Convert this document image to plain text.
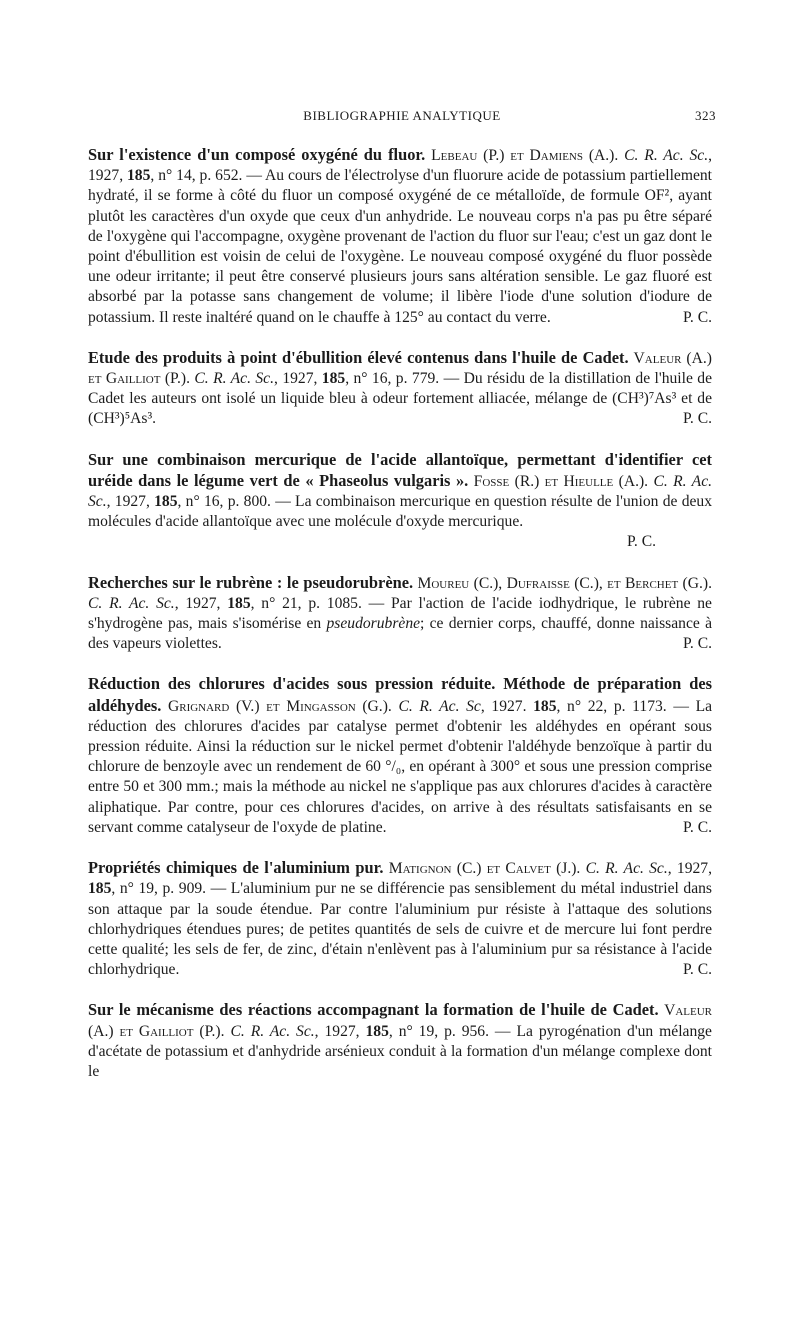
BIBLIOGRAPHIE ANALYTIQUE	323

Sur l'existence d'un composé oxygéné du fluor. Lebeau (P.) et Damiens (A.). C. R. Ac. Sc., 1927, 185, n° 14, p. 652. — Au cours de l'électrolyse d'un fluorure acide de potassium partiellement hydraté, il se forme à côté du fluor un composé oxygéné de ce métalloïde, de formule OF², ayant plutôt les caractères d'un oxyde que ceux d'un anhydride. Le nouveau corps n'a pas pu être séparé de l'oxygène qui l'accompagne, oxygène provenant de l'action du fluor sur l'eau; c'est un gaz dont le point d'ébullition est voisin de celui de l'oxygène. Le nouveau composé oxygéné du fluor possède une odeur irritante; il peut être conservé plusieurs jours sans altération sensible. Le gaz fluoré est absorbé par la potasse sans changement de volume; il libère l'iode d'une solution d'iodure de potassium. Il reste inaltéré quand on le chauffe à 125° au contact du verre.	P. C.

Etude des produits à point d'ébullition élevé contenus dans l'huile de Cadet. Valeur (A.) et Gailliot (P.). C. R. Ac. Sc., 1927, 185, n° 16, p. 779. — Du résidu de la distillation de l'huile de Cadet les auteurs ont isolé un liquide bleu à odeur fortement alliacée, mélange de (CH³)⁷As³ et de (CH³)⁵As³.	P. C.

Sur une combinaison mercurique de l'acide allantoïque, permettant d'identifier cet uréide dans le légume vert de « Phaseolus vulgaris ». Fosse (R.) et Hieulle (A.). C. R. Ac. Sc., 1927, 185, n° 16, p. 800. — La combinaison mercurique en question résulte de l'union de deux molécules d'acide allantoïque avec une molécule d'oxyde mercurique.
P. C.

Recherches sur le rubrène : le pseudorubrène. Moureu (C.), Dufraisse (C.), et Berchet (G.). C. R. Ac. Sc., 1927, 185, n° 21, p. 1085. — Par l'action de l'acide iodhydrique, le rubrène ne s'hydrogène pas, mais s'isomérise en pseudorubrène; ce dernier corps, chauffé, donne naissance à des vapeurs violettes.	P. C.

Réduction des chlorures d'acides sous pression réduite. Méthode de préparation des aldéhydes. Grignard (V.) et Mingasson (G.). C. R. Ac. Sc, 1927. 185, n° 22, p. 1173. — La réduction des chlorures d'acides par catalyse permet d'obtenir les aldéhydes en opérant sous pression réduite. Ainsi la réduction sur le nickel permet d'obtenir l'aldéhyde benzoïque à partir du chlorure de benzoyle avec un rendement de 60 °/₀, en opérant à 300° et sous une pression comprise entre 50 et 300 mm.; mais la méthode au nickel ne s'applique pas aux chlorures d'acides à caractère aliphatique. Par contre, pour ces chlorures d'acides, on arrive à des résultats satisfaisants en se servant comme catalyseur de l'oxyde de platine.	P. C.

Propriétés chimiques de l'aluminium pur. Matignon (C.) et Calvet (J.). C. R. Ac. Sc., 1927, 185, n° 19, p. 909. — L'aluminium pur ne se différencie pas sensiblement du métal industriel dans son attaque par la soude étendue. Par contre l'aluminium pur résiste à l'attaque des solutions chlorhydriques étendues pures; de petites quantités de sels de cuivre et de mercure lui font perdre cette qualité; les sels de fer, de zinc, d'étain n'enlèvent pas à l'aluminium pur sa résistance à l'acide chlorhydrique.	P. C.

Sur le mécanisme des réactions accompagnant la formation de l'huile de Cadet. Valeur (A.) et Gailliot (P.). C. R. Ac. Sc., 1927, 185, n° 19, p. 956. — La pyrogénation d'un mélange d'acétate de potassium et d'anhydride arsénieux conduit à la formation d'un mélange complexe dont le
